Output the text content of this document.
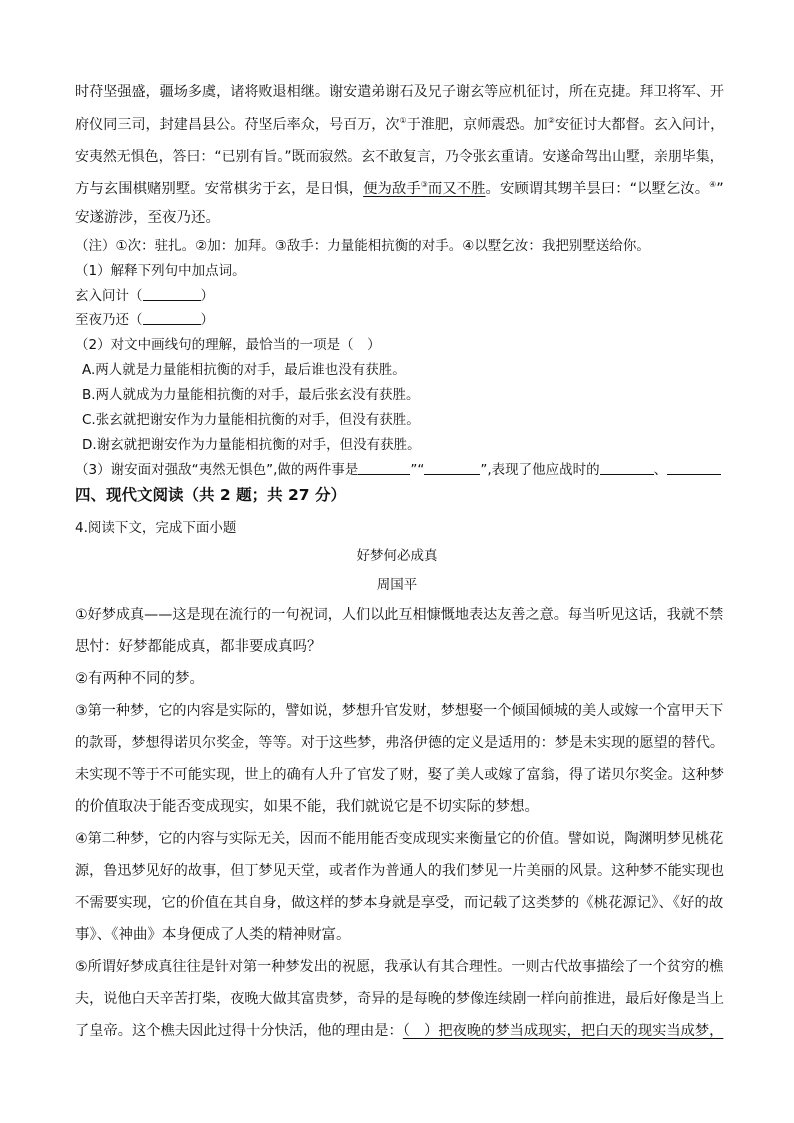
时苻坚强盛，疆场多虞，诸将败退相继。谢安遣弟谢石及兄子谢玄等应机征讨，所在克捷。拜卫将军、开
府仪同三司，封建昌县公。苻坚后率众，号百万，次①于淮肥，京师震恐。加②安征讨大都督。玄入问计，
安夷然无惧色，答曰：“已别有旨。”既而寂然。玄不敢复言，乃令张玄重请。安遂命驾出山墅，亲朋毕集，
方与玄围棋赌别墅。安常棋劣于玄，是日惧，便为敌手③而又不胜。安顾谓其甥羊昙曰：“以墅乞汝。④”
安遂游涉，至夜乃还。
（注）①次：驻扎。②加：加拜。③敌手：力量能相抗衡的对手。④以墅乞汝：我把别墅送给你。
（1）解释下列句中加点词。
玄入问计（	）
至夜乃还（	）
（2）对文中画线句的理解，最恰当的一项是（　）
A.两人就是力量能相抗衡的对手，最后谁也没有获胜。
B.两人就成为力量能相抗衡的对手，最后张玄没有获胜。
C.张玄就把谢安作为力量能相抗衡的对手，但没有获胜。
D.谢玄就把谢安作为力量能相抗衡的对手，但没有获胜。
（3）谢安面对强敌“夷然无惧色”,做的两件事是	”“	”,表现了他应战时的	、
四、现代文阅读（共 2 题；共 27 分）
4.阅读下文，完成下面小题
好梦何必成真
周国平
①好梦成真——这是现在流行的一句祝词，人们以此互相慷慨地表达友善之意。每当听见这话，我就不禁
思忖：好梦都能成真，都非要成真吗？
②有两种不同的梦。
③第一种梦，它的内容是实际的，譬如说，梦想升官发财，梦想娶一个倾国倾城的美人或嫁一个富甲天下
的款哥，梦想得诺贝尔奖金，等等。对于这些梦，弗洛伊德的定义是适用的：梦是未实现的愿望的替代。
未实现不等于不可能实现，世上的确有人升了官发了财，娶了美人或嫁了富翁，得了诺贝尔奖金。这种梦
的价值取决于能否变成现实，如果不能，我们就说它是不切实际的梦想。
④第二种梦，它的内容与实际无关，因而不能用能否变成现实来衡量它的价值。譬如说，陶渊明梦见桃花
源，鲁迅梦见好的故事，但丁梦见天堂，或者作为普通人的我们梦见一片美丽的风景。这种梦不能实现也
不需要实现，它的价值在其自身，做这样的梦本身就是享受，而记载了这类梦的《桃花源记》、《好的故
事》、《神曲》本身便成了人类的精神财富。
⑤所谓好梦成真往往是针对第一种梦发出的祝愿，我承认有其合理性。一则古代故事描绘了一个贫穷的樵
夫，说他白天辛苦打柴，夜晚大做其富贵梦，奇异的是每晚的梦像连续剧一样向前推进，最后好像是当上
了皇帝。这个樵夫因此过得十分快活，他的理由是：（　）把夜晚的梦当成现实，把白天的现实当成梦，
